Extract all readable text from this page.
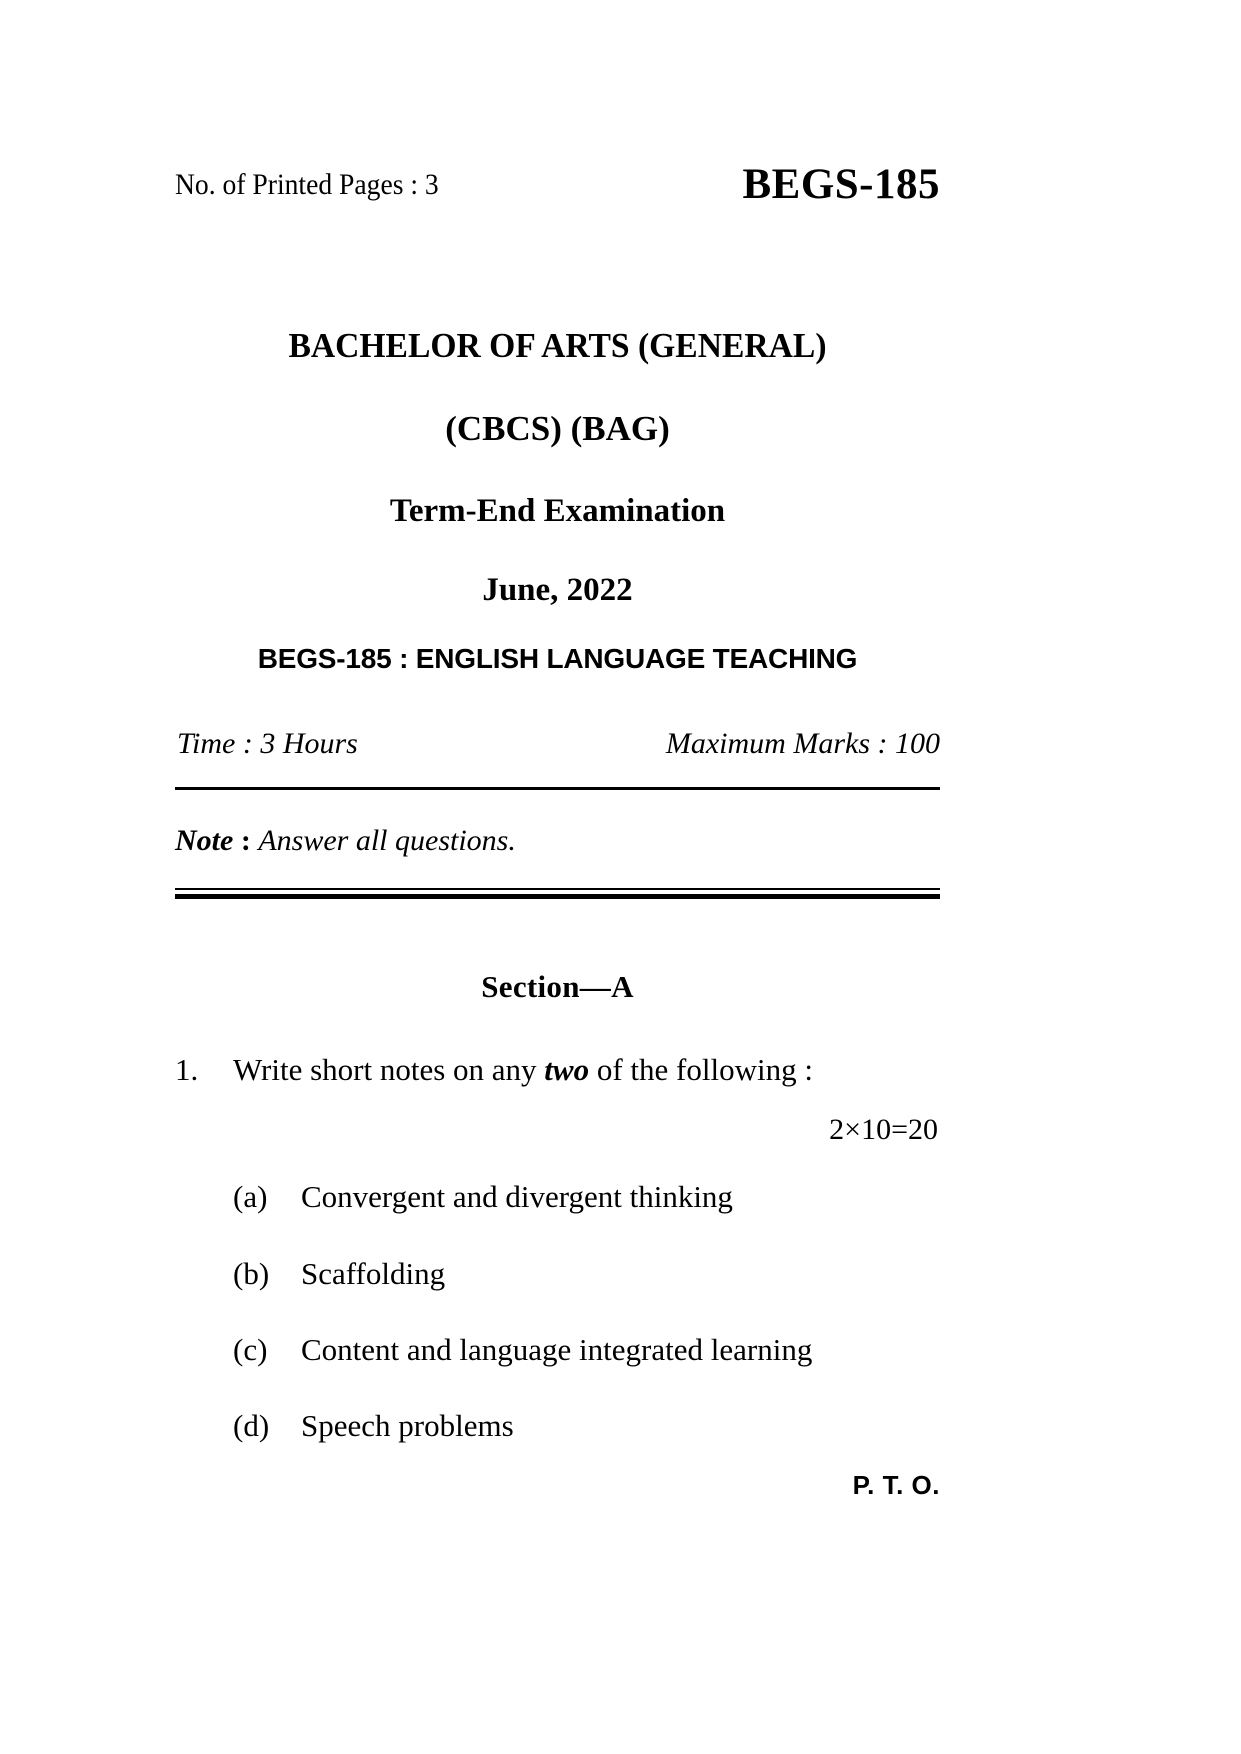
No. of Printed Pages : 3	BEGS-185
BACHELOR OF ARTS (GENERAL)
(CBCS) (BAG)
Term-End Examination
June, 2022
BEGS-185 : ENGLISH LANGUAGE TEACHING
Time : 3 Hours	Maximum Marks : 100
Note : Answer all questions.
Section—A
1.	Write short notes on any two of the following :
2×10=20
(a)	Convergent and divergent thinking
(b)	Scaffolding
(c)	Content and language integrated learning
(d)	Speech problems
P. T. O.
